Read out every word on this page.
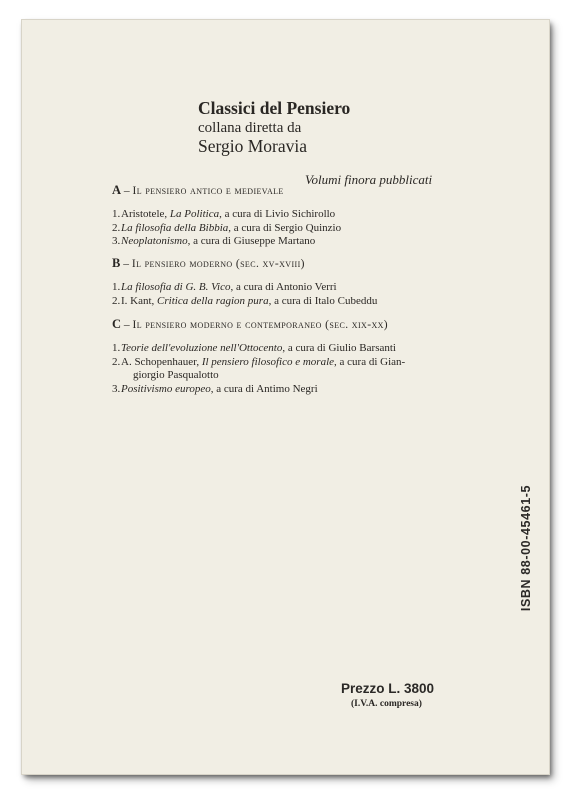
Classici del Pensiero
collana diretta da
Sergio Moravia
Volumi finora pubblicati
A – Il pensiero antico e medievale
1. Aristotele, La Politica, a cura di Livio Sichirollo
2. La filosofia della Bibbia, a cura di Sergio Quinzio
3. Neoplatonismo, a cura di Giuseppe Martano
B – Il pensiero moderno (sec. xv-xviii)
1. La filosofia di G. B. Vico, a cura di Antonio Verri
2. I. Kant, Critica della ragion pura, a cura di Italo Cubeddu
C – Il pensiero moderno e contemporaneo (sec. xix-xx)
1. Teorie dell'evoluzione nell'Ottocento, a cura di Giulio Barsanti
2. A. Schopenhauer, Il pensiero filosofico e morale, a cura di Gian-
giorgio Pasqualotto
3. Positivismo europeo, a cura di Antimo Negri
ISBN 88-00-45461-5
Prezzo L. 3800
(I.V.A. compresa)
